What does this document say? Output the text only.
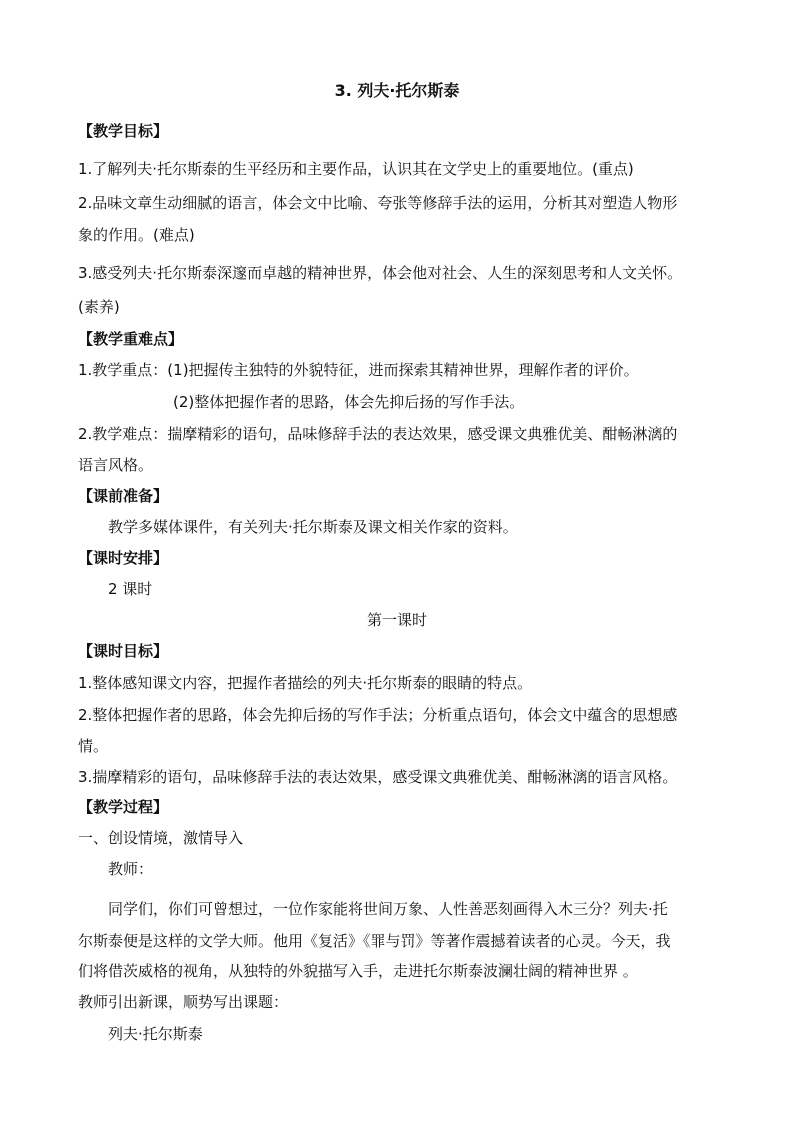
3. 列夫·托尔斯泰
【教学目标】
1.了解列夫·托尔斯泰的生平经历和主要作品，认识其在文学史上的重要地位。(重点)
2.品味文章生动细腻的语言，体会文中比喻、夸张等修辞手法的运用，分析其对塑造人物形
象的作用。(难点)
3.感受列夫·托尔斯泰深邃而卓越的精神世界，体会他对社会、人生的深刻思考和人文关怀。
(素养)
【教学重难点】
1.教学重点：(1)把握传主独特的外貌特征，进而探索其精神世界，理解作者的评价。
(2)整体把握作者的思路，体会先抑后扬的写作手法。
2.教学难点：揣摩精彩的语句，品味修辞手法的表达效果，感受课文典雅优美、酣畅淋漓的
语言风格。
【课前准备】
教学多媒体课件，有关列夫·托尔斯泰及课文相关作家的资料。
【课时安排】
2 课时
第一课时
【课时目标】
1.整体感知课文内容，把握作者描绘的列夫·托尔斯泰的眼睛的特点。
2.整体把握作者的思路，体会先抑后扬的写作手法；分析重点语句，体会文中蕴含的思想感
情。
3.揣摩精彩的语句，品味修辞手法的表达效果，感受课文典雅优美、酣畅淋漓的语言风格。
【教学过程】
一、创设情境，激情导入
教师：
同学们，你们可曾想过，一位作家能将世间万象、人性善恶刻画得入木三分？列夫·托
尔斯泰便是这样的文学大师。他用《复活》《罪与罚》等著作震撼着读者的心灵。今天，我
们将借茨威格的视角，从独特的外貌描写入手，走进托尔斯泰波澜壮阔的精神世界 。
教师引出新课，顺势写出课题：
列夫·托尔斯泰
